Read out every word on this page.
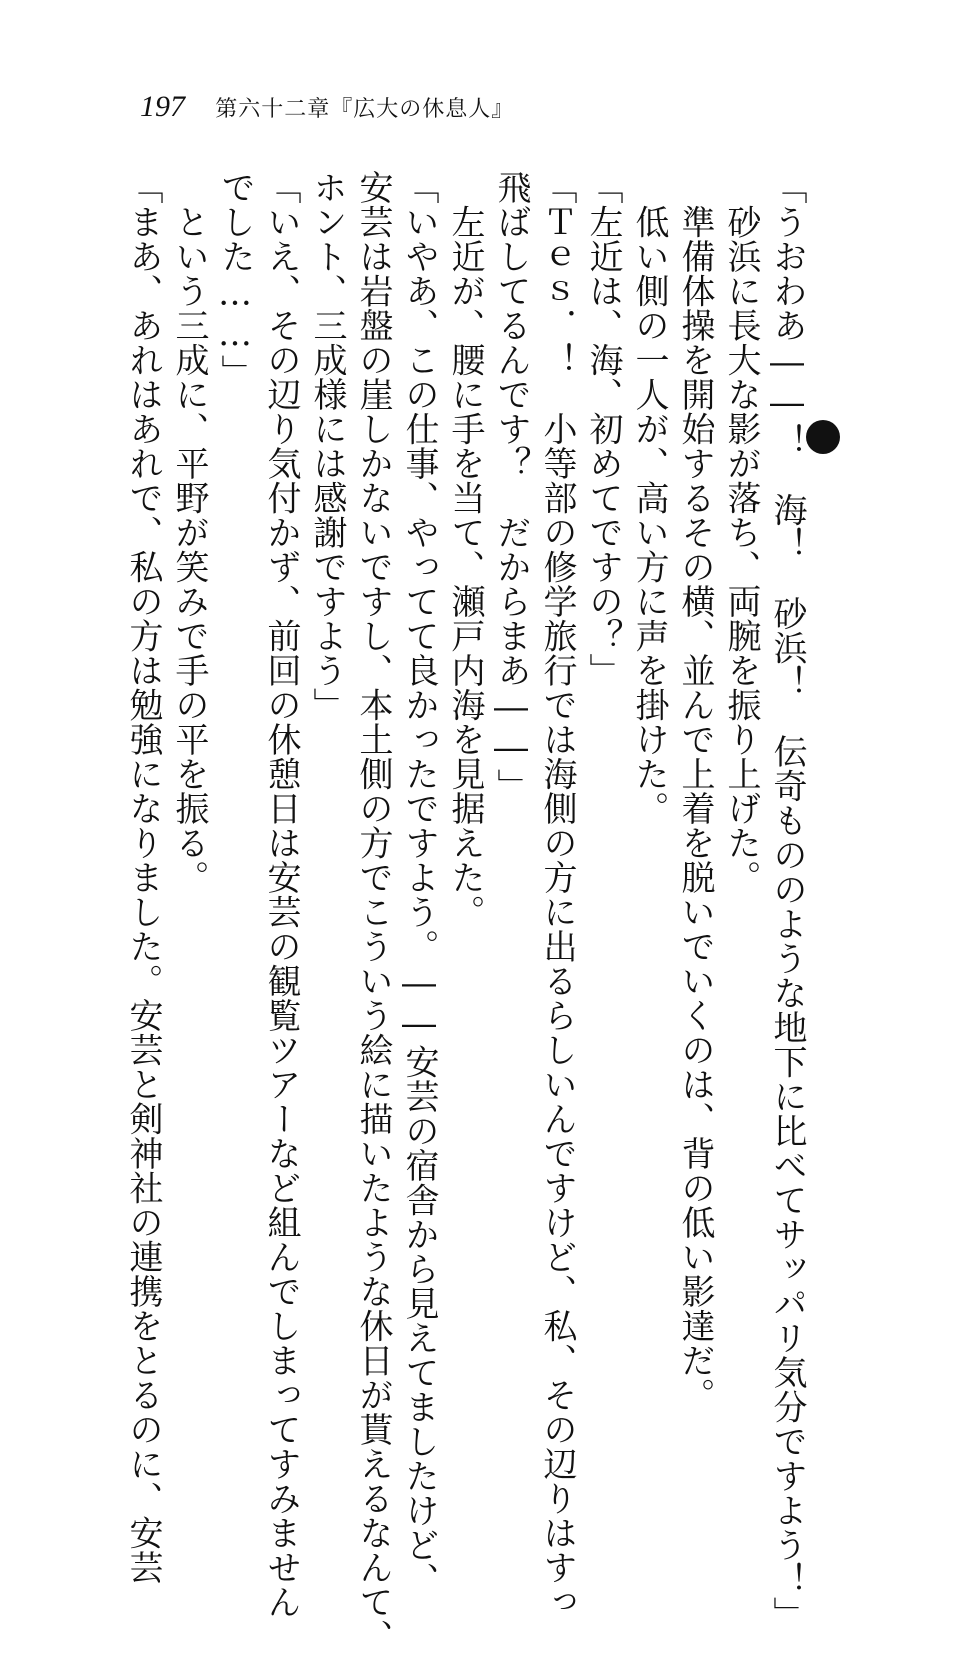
197 第六十二章『広大の休息人』
「うおわあ――！　海！　砂浜！　伝奇もののような地下に比べてサッパリ気分ですよう！」
　砂浜に長大な影が落ち、両腕を振り上げた。
　準備体操を開始するその横、並んで上着を脱いでいくのは、背の低い影達だ。
　低い側の一人が、高い方に声を掛けた。
「左近は、海、初めてですの？」
「Ｔｅｓ．！　小等部の修学旅行では海側の方に出るらしいんですけど、私、その辺りはすっ
飛ばしてるんです？　だからまあ――」
　左近が、腰に手を当て、瀬戸内海を見据えた。
「いやあ、この仕事、やってて良かったですよう。――安芸の宿舎から見えてましたけど、
安芸は岩盤の崖しかないですし、本土側の方でこういう絵に描いたような休日が貰えるなんて、
ホント、三成様には感謝ですよう」
「いえ、その辺り気付かず、前回の休憩日は安芸の観覧ツアーなど組んでしまってすみません
でした……」
　という三成に、平野が笑みで手の平を振る。
「まあ、あれはあれで、私の方は勉強になりました。安芸と剣神社の連携をとるのに、安芸
